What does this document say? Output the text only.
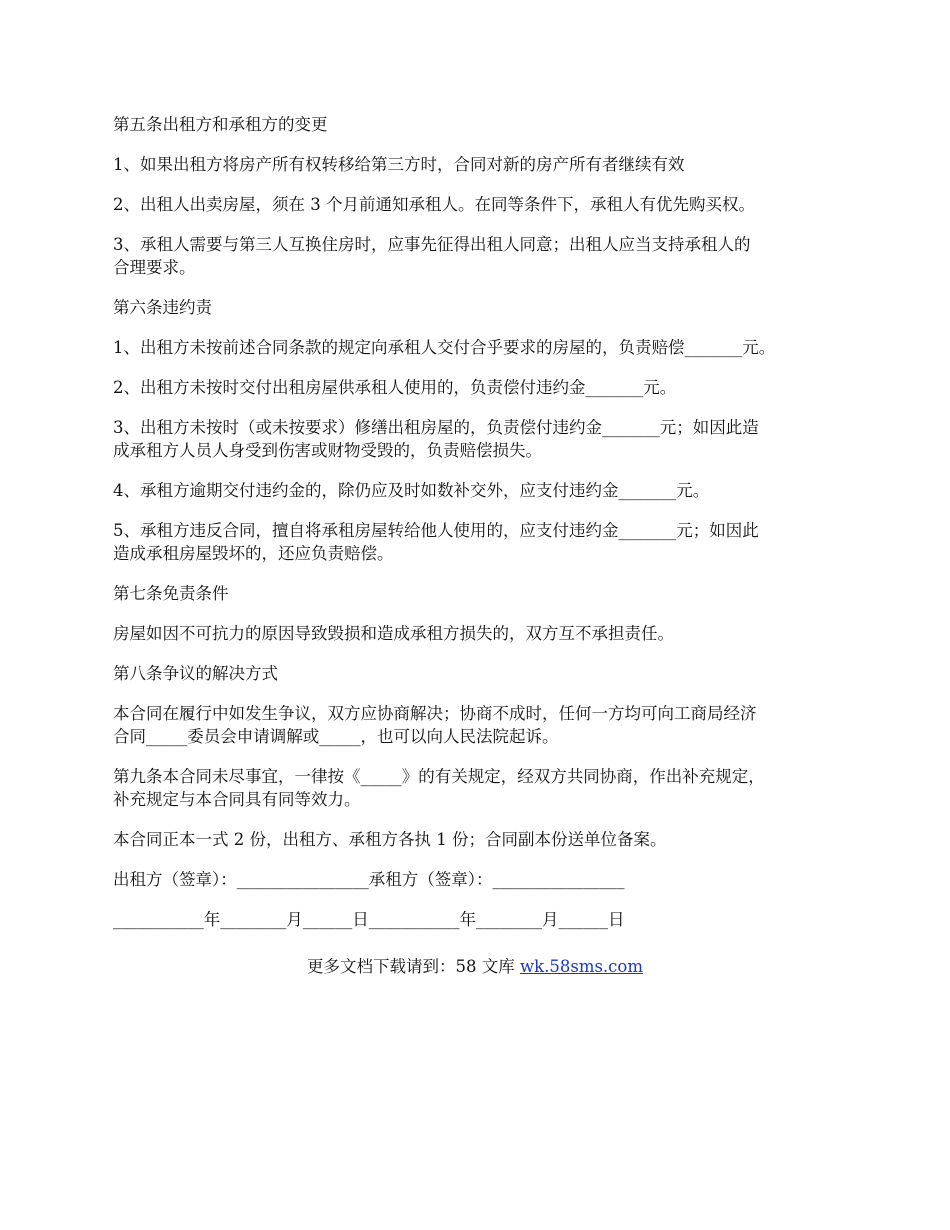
第五条出租方和承租方的变更

1、如果出租方将房产所有权转移给第三方时，合同对新的房产所有者继续有效

2、出租人出卖房屋，须在 3 个月前通知承租人。在同等条件下，承租人有优先购买权。

3、承租人需要与第三人互换住房时，应事先征得出租人同意；出租人应当支持承租人的
合理要求。

第六条违约责

1、出租方未按前述合同条款的规定向承租人交付合乎要求的房屋的，负责赔偿_______元。

2、出租方未按时交付出租房屋供承租人使用的，负责偿付违约金_______元。

3、出租方未按时（或未按要求）修缮出租房屋的，负责偿付违约金_______元；如因此造
成承租方人员人身受到伤害或财物受毁的，负责赔偿损失。

4、承租方逾期交付违约金的，除仍应及时如数补交外，应支付违约金_______元。

5、承租方违反合同，擅自将承租房屋转给他人使用的，应支付违约金_______元；如因此
造成承租房屋毁坏的，还应负责赔偿。

第七条免责条件

房屋如因不可抗力的原因导致毁损和造成承租方损失的，双方互不承担责任。

第八条争议的解决方式

本合同在履行中如发生争议，双方应协商解决；协商不成时，任何一方均可向工商局经济
合同_____委员会申请调解或_____，也可以向人民法院起诉。

第九条本合同未尽事宜，一律按《_____》的有关规定，经双方共同协商，作出补充规定，
补充规定与本合同具有同等效力。

本合同正本一式 2 份，出租方、承租方各执 1 份；合同副本份送单位备案。

出租方（签章）：________________承租方（签章）：________________

___________年________月______日___________年________月______日

更多文档下载请到：58 文库 wk.58sms.com
